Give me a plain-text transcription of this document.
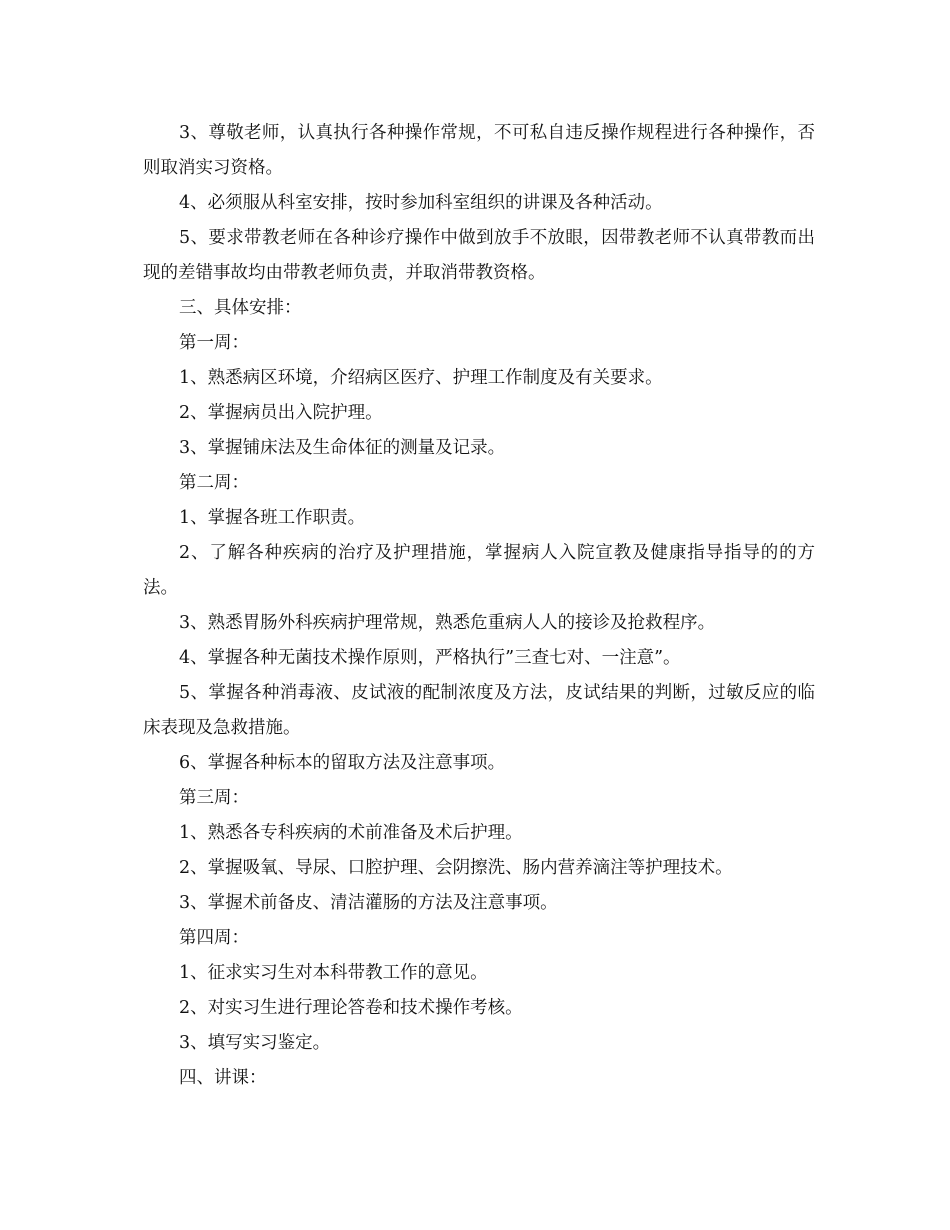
3、尊敬老师，认真执行各种操作常规，不可私自违反操作规程进行各种操作，否则取消实习资格。

4、必须服从科室安排，按时参加科室组织的讲课及各种活动。

5、要求带教老师在各种诊疗操作中做到放手不放眼，因带教老师不认真带教而出现的差错事故均由带教老师负责，并取消带教资格。

三、具体安排：

第一周：

1、熟悉病区环境，介绍病区医疗、护理工作制度及有关要求。

2、掌握病员出入院护理。

3、掌握铺床法及生命体征的测量及记录。

第二周：

1、掌握各班工作职责。

2、了解各种疾病的治疗及护理措施，掌握病人入院宣教及健康指导指导的的方法。

3、熟悉胃肠外科疾病护理常规，熟悉危重病人人的接诊及抢救程序。

4、掌握各种无菌技术操作原则，严格执行”三查七对、一注意”。

5、掌握各种消毒液、皮试液的配制浓度及方法，皮试结果的判断，过敏反应的临床表现及急救措施。

6、掌握各种标本的留取方法及注意事项。

第三周：

1、熟悉各专科疾病的术前准备及术后护理。

2、掌握吸氧、导尿、口腔护理、会阴擦洗、肠内营养滴注等护理技术。

3、掌握术前备皮、清洁灌肠的方法及注意事项。

第四周：

1、征求实习生对本科带教工作的意见。

2、对实习生进行理论答卷和技术操作考核。

3、填写实习鉴定。

四、讲课：
